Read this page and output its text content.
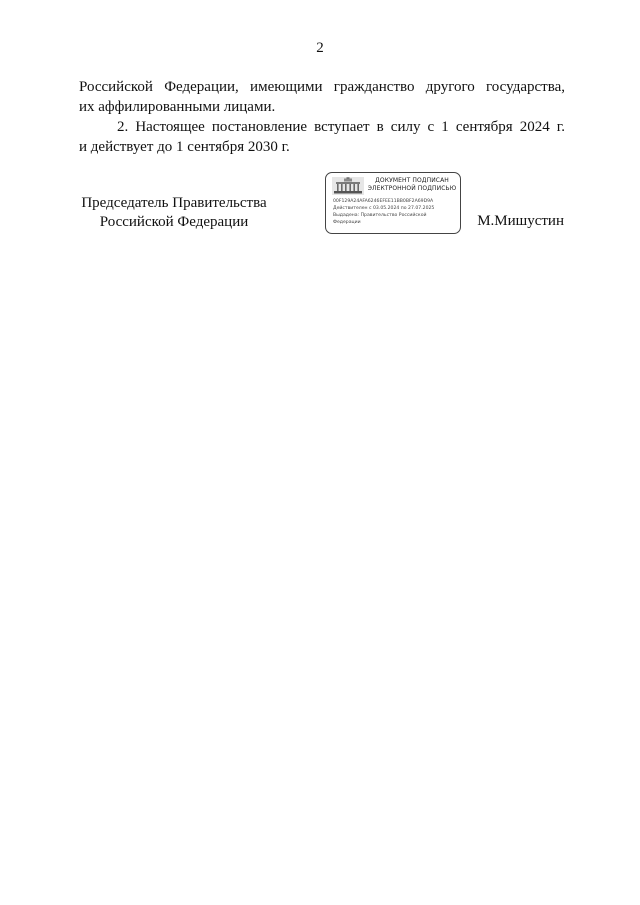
2
Российской Федерации, имеющими гражданство другого государства,
их аффилированными лицами.
2. Настоящее постановление вступает в силу с 1 сентября 2024 г.
и действует до 1 сентября 2030 г.
Председатель Правительства
Российской Федерации
ДОКУМЕНТ ПОДПИСАН
ЭЛЕКТРОННОЙ ПОДПИСЬЮ
00F129A24AFA6246EFEE11BB0BF2A69D9A
Действителен с 03.05.2024 по 27.07.2025
Выдадена: Правительство Российской
Федерации	М.Мишустин
